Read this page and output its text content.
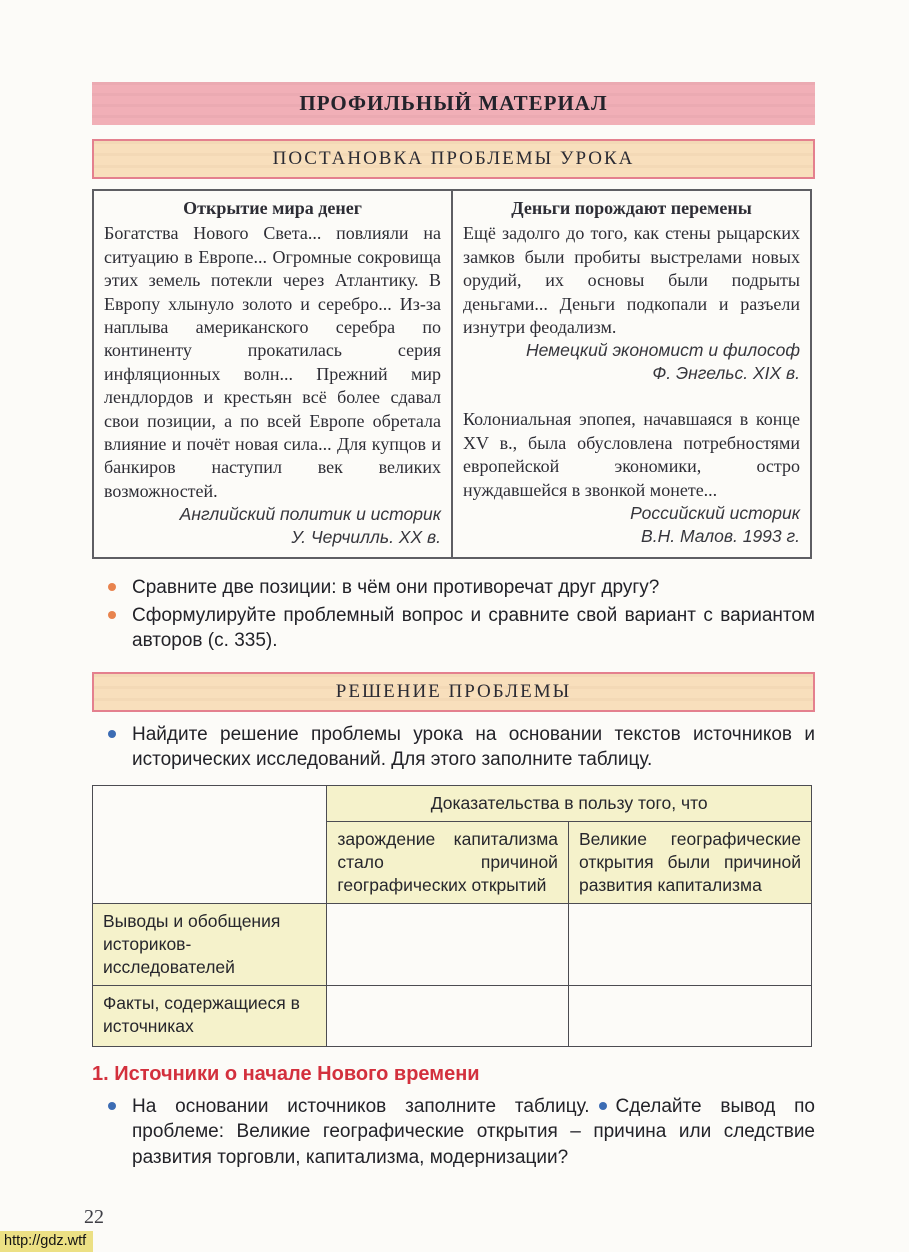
ПРОФИЛЬНЫЙ МАТЕРИАЛ
ПОСТАНОВКА ПРОБЛЕМЫ УРОКА
Открытие мира денег
Богатства Нового Света... повлияли на ситуацию в Европе... Огромные сокровища этих земель потекли через Атлантику. В Европу хлынуло золото и серебро... Из-за наплыва американского серебра по континенту прокатилась серия инфляционных волн... Прежний мир лендлордов и крестьян всё более сдавал свои позиции, а по всей Европе обретала влияние и почёт новая сила... Для купцов и банкиров наступил век великих возможностей.
Английский политик и историк
У. Черчилль. XX в.

Деньги порождают перемены
Ещё задолго до того, как стены рыцарских замков были пробиты выстрелами новых орудий, их основы были подрыты деньгами... Деньги подкопали и разъели изнутри феодализм.
Немецкий экономист и философ
Ф. Энгельс. XIX в.
Колониальная эпопея, начавшаяся в конце XV в., была обусловлена потребностями европейской экономики, остро нуждавшейся в звонкой монете...
Российский историк
В.Н. Малов. 1993 г.
Сравните две позиции: в чём они противоречат друг другу?
Сформулируйте проблемный вопрос и сравните свой вариант с вариантом авторов (с. 335).
РЕШЕНИЕ ПРОБЛЕМЫ
Найдите решение проблемы урока на основании текстов источников и исторических исследований. Для этого заполните таблицу.
	Доказательства в пользу того, что	
	зарождение капитализма стало причиной географических открытий	Великие географические открытия были причиной развития капитализма
Выводы и обобщения историков-исследователей		
Факты, содержащиеся в источниках		
1. Источники о начале Нового времени
На основании источников заполните таблицу. Сделайте вывод по проблеме: Великие географические открытия – причина или следствие развития торговли, капитализма, модернизации?
22
http://gdz.wtf
